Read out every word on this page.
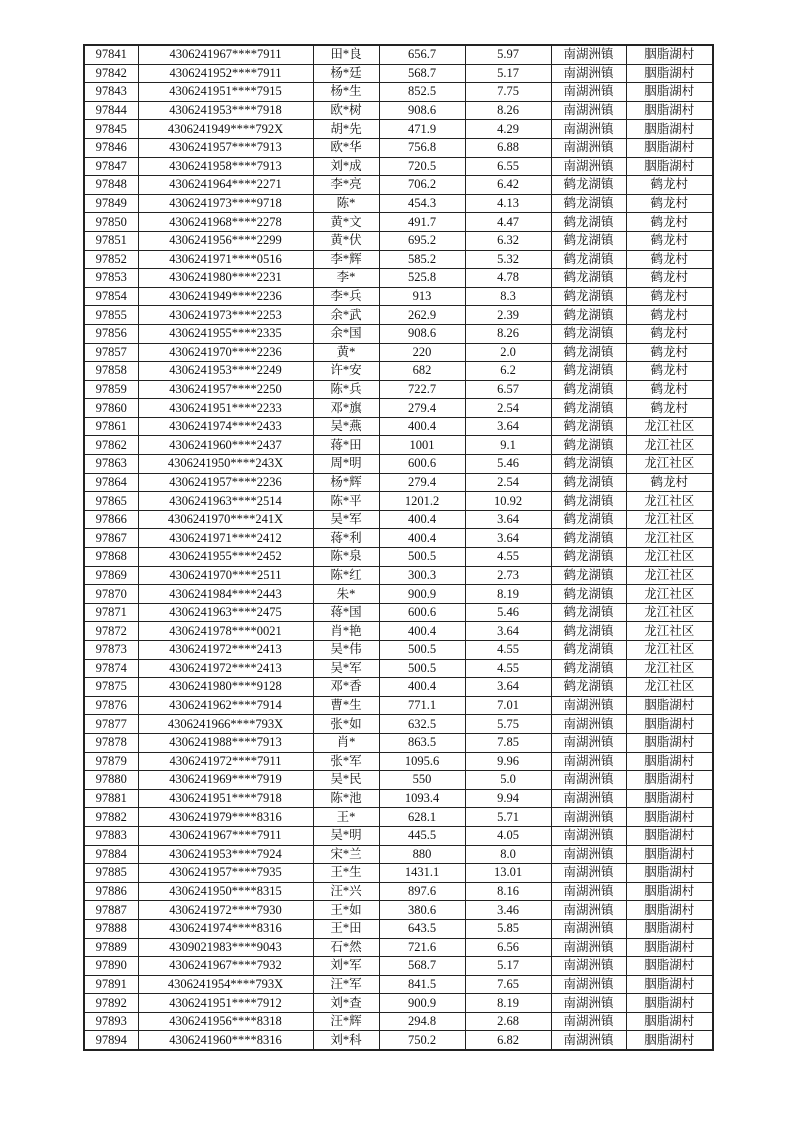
97841	4306241967****7911	田*良	656.7	5.97	南湖洲镇	胭脂湖村
97842	4306241952****7911	杨*廷	568.7	5.17	南湖洲镇	胭脂湖村
97843	4306241951****7915	杨*生	852.5	7.75	南湖洲镇	胭脂湖村
97844	4306241953****7918	欧*树	908.6	8.26	南湖洲镇	胭脂湖村
97845	4306241949****792X	胡*先	471.9	4.29	南湖洲镇	胭脂湖村
97846	4306241957****7913	欧*华	756.8	6.88	南湖洲镇	胭脂湖村
97847	4306241958****7913	刘*成	720.5	6.55	南湖洲镇	胭脂湖村
97848	4306241964****2271	李*亮	706.2	6.42	鹤龙湖镇	鹤龙村
97849	4306241973****9718	陈*	454.3	4.13	鹤龙湖镇	鹤龙村
97850	4306241968****2278	黄*文	491.7	4.47	鹤龙湖镇	鹤龙村
97851	4306241956****2299	黄*伏	695.2	6.32	鹤龙湖镇	鹤龙村
97852	4306241971****0516	李*辉	585.2	5.32	鹤龙湖镇	鹤龙村
97853	4306241980****2231	李*	525.8	4.78	鹤龙湖镇	鹤龙村
97854	4306241949****2236	李*兵	913	8.3	鹤龙湖镇	鹤龙村
97855	4306241973****2253	余*武	262.9	2.39	鹤龙湖镇	鹤龙村
97856	4306241955****2335	余*国	908.6	8.26	鹤龙湖镇	鹤龙村
97857	4306241970****2236	黄*	220	2.0	鹤龙湖镇	鹤龙村
97858	4306241953****2249	许*安	682	6.2	鹤龙湖镇	鹤龙村
97859	4306241957****2250	陈*兵	722.7	6.57	鹤龙湖镇	鹤龙村
97860	4306241951****2233	邓*旗	279.4	2.54	鹤龙湖镇	鹤龙村
97861	4306241974****2433	吴*燕	400.4	3.64	鹤龙湖镇	龙江社区
97862	4306241960****2437	蒋*田	1001	9.1	鹤龙湖镇	龙江社区
97863	4306241950****243X	周*明	600.6	5.46	鹤龙湖镇	龙江社区
97864	4306241957****2236	杨*辉	279.4	2.54	鹤龙湖镇	鹤龙村
97865	4306241963****2514	陈*平	1201.2	10.92	鹤龙湖镇	龙江社区
97866	4306241970****241X	吴*军	400.4	3.64	鹤龙湖镇	龙江社区
97867	4306241971****2412	蒋*利	400.4	3.64	鹤龙湖镇	龙江社区
97868	4306241955****2452	陈*泉	500.5	4.55	鹤龙湖镇	龙江社区
97869	4306241970****2511	陈*红	300.3	2.73	鹤龙湖镇	龙江社区
97870	4306241984****2443	朱*	900.9	8.19	鹤龙湖镇	龙江社区
97871	4306241963****2475	蒋*国	600.6	5.46	鹤龙湖镇	龙江社区
97872	4306241978****0021	肖*艳	400.4	3.64	鹤龙湖镇	龙江社区
97873	4306241972****2413	吴*伟	500.5	4.55	鹤龙湖镇	龙江社区
97874	4306241972****2413	吴*军	500.5	4.55	鹤龙湖镇	龙江社区
97875	4306241980****9128	邓*香	400.4	3.64	鹤龙湖镇	龙江社区
97876	4306241962****7914	曹*生	771.1	7.01	南湖洲镇	胭脂湖村
97877	4306241966****793X	张*如	632.5	5.75	南湖洲镇	胭脂湖村
97878	4306241988****7913	肖*	863.5	7.85	南湖洲镇	胭脂湖村
97879	4306241972****7911	张*军	1095.6	9.96	南湖洲镇	胭脂湖村
97880	4306241969****7919	吴*民	550	5.0	南湖洲镇	胭脂湖村
97881	4306241951****7918	陈*池	1093.4	9.94	南湖洲镇	胭脂湖村
97882	4306241979****8316	王*	628.1	5.71	南湖洲镇	胭脂湖村
97883	4306241967****7911	吴*明	445.5	4.05	南湖洲镇	胭脂湖村
97884	4306241953****7924	宋*兰	880	8.0	南湖洲镇	胭脂湖村
97885	4306241957****7935	王*生	1431.1	13.01	南湖洲镇	胭脂湖村
97886	4306241950****8315	汪*兴	897.6	8.16	南湖洲镇	胭脂湖村
97887	4306241972****7930	王*如	380.6	3.46	南湖洲镇	胭脂湖村
97888	4306241974****8316	王*田	643.5	5.85	南湖洲镇	胭脂湖村
97889	4309021983****9043	石*然	721.6	6.56	南湖洲镇	胭脂湖村
97890	4306241967****7932	刘*军	568.7	5.17	南湖洲镇	胭脂湖村
97891	4306241954****793X	汪*军	841.5	7.65	南湖洲镇	胭脂湖村
97892	4306241951****7912	刘*查	900.9	8.19	南湖洲镇	胭脂湖村
97893	4306241956****8318	汪*辉	294.8	2.68	南湖洲镇	胭脂湖村
97894	4306241960****8316	刘*科	750.2	6.82	南湖洲镇	胭脂湖村
